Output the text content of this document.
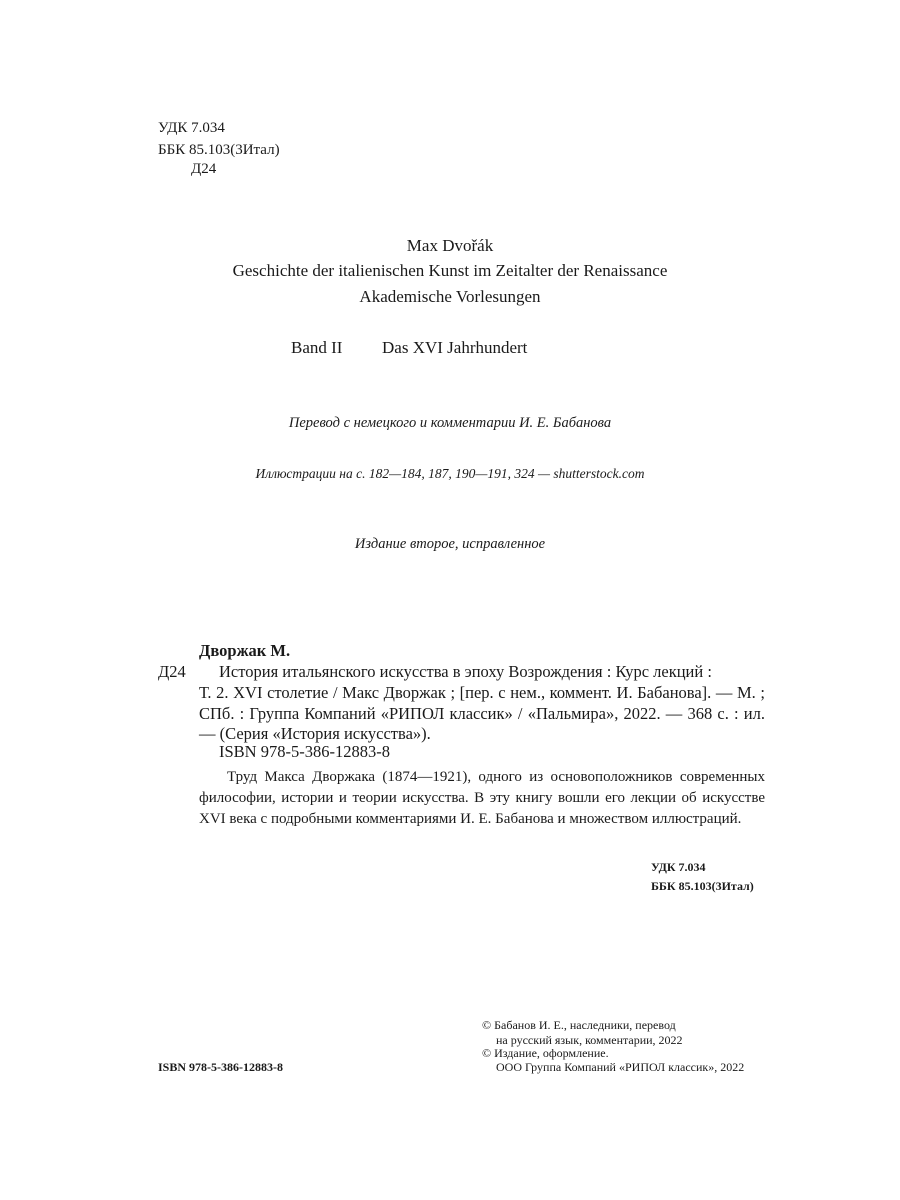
УДК 7.034
ББК 85.103(3Итал)
Д24
Max Dvořák
Geschichte der italienischen Kunst im Zeitalter der Renaissance
Akademische Vorlesungen
Band II Das XVI Jahrhundert
Перевод с немецкого и комментарии И. Е. Бабанова
Иллюстрации на с. 182—184, 187, 190—191, 324 — shutterstock.com
Издание второе, исправленное
Дворжак М.
Д24 История итальянского искусства в эпоху Возрождения : Курс лекций :
Т. 2. XVI столетие / Макс Дворжак ; [пер. с нем., коммент. И. Бабанова]. — М. ; СПб. : Группа Компаний «РИПОЛ классик» / «Пальмира», 2022. — 368 с. : ил. — (Серия «История искусства»).
ISBN 978-5-386-12883-8
Труд Макса Дворжака (1874—1921), одного из основоположников современных философии, истории и теории искусства. В эту книгу вошли его лекции об искусстве XVI века с подробными комментариями И. Е. Бабанова и множеством иллюстраций.
УДК 7.034
ББК 85.103(3Итал)
ISBN 978-5-386-12883-8
© Бабанов И. Е., наследники, перевод
на русский язык, комментарии, 2022
© Издание, оформление.
ООО Группа Компаний «РИПОЛ классик», 2022
